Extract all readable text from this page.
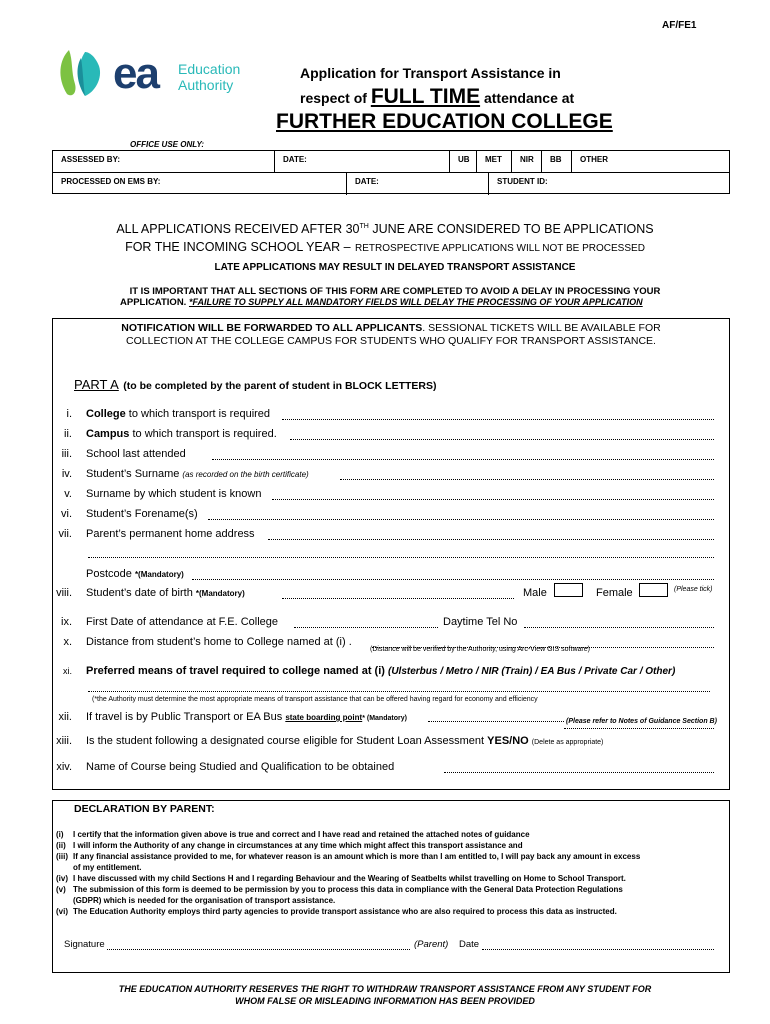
AF/FE1
ea Education
Authority
Application for Transport Assistance in
respect of FULL TIME attendance at
FURTHER EDUCATION COLLEGE
OFFICE USE ONLY:
ASSESSED BY:	DATE:	UB	MET	NIR	BB	OTHER
PROCESSED ON EMS BY:	DATE:	STUDENT ID:
ALL APPLICATIONS RECEIVED AFTER 30TH JUNE ARE CONSIDERED TO BE APPLICATIONS
FOR THE INCOMING SCHOOL YEAR – RETROSPECTIVE APPLICATIONS WILL NOT BE PROCESSED
LATE APPLICATIONS MAY RESULT IN DELAYED TRANSPORT ASSISTANCE
IT IS IMPORTANT THAT ALL SECTIONS OF THIS FORM ARE COMPLETED TO AVOID A DELAY IN PROCESSING YOUR
APPLICATION. *FAILURE TO SUPPLY ALL MANDATORY FIELDS WILL DELAY THE PROCESSING OF YOUR APPLICATION
NOTIFICATION WILL BE FORWARDED TO ALL APPLICANTS. SESSIONAL TICKETS WILL BE AVAILABLE FOR
COLLECTION AT THE COLLEGE CAMPUS FOR STUDENTS WHO QUALIFY FOR TRANSPORT ASSISTANCE.
PART A (to be completed by the parent of student in BLOCK LETTERS)
i. College to which transport is required
ii. Campus to which transport is required.
iii. School last attended
iv. Student’s Surname (as recorded on the birth certificate)
v. Surname by which student is known
vi. Student’s Forename(s)
vii. Parent’s permanent home address
Postcode *(Mandatory)
viii. Student’s date of birth *(Mandatory)	Male	Female	(Please tick)
ix. First Date of attendance at F.E. College	Daytime Tel No
x. Distance from student’s home to College named at (i) .
(Distance will be verified by the Authority, using Arc-View GIS software)
xi. Preferred means of travel required to college named at (i) (Ulsterbus / Metro / NIR (Train) / EA Bus / Private Car / Other)
(*the Authority must determine the most appropriate means of transport assistance that can be offered having regard for economy and efficiency
xii. If travel is by Public Transport or EA Bus state boarding point* (Mandatory)	(Please refer to Notes of Guidance Section B)
xiii. Is the student following a designated course eligible for Student Loan Assessment YES/NO (Delete as appropriate)
xiv. Name of Course being Studied and Qualification to be obtained
DECLARATION BY PARENT:
(i) I certify that the information given above is true and correct and I have read and retained the attached notes of guidance
(ii) I will inform the Authority of any change in circumstances at any time which might affect this transport assistance and
(iii) If any financial assistance provided to me, for whatever reason is an amount which is more than I am entitled to, I will pay back any amount in excess
of my entitlement.
(iv) I have discussed with my child Sections H and I regarding Behaviour and the Wearing of Seatbelts whilst travelling on Home to School Transport.
(v) The submission of this form is deemed to be permission by you to process this data in compliance with the General Data Protection Regulations
(GDPR) which is needed for the organisation of transport assistance.
(vi) The Education Authority employs third party agencies to provide transport assistance who are also required to process this data as instructed.
Signature	(Parent) Date
THE EDUCATION AUTHORITY RESERVES THE RIGHT TO WITHDRAW TRANSPORT ASSISTANCE FROM ANY STUDENT FOR
WHOM FALSE OR MISLEADING INFORMATION HAS BEEN PROVIDED
